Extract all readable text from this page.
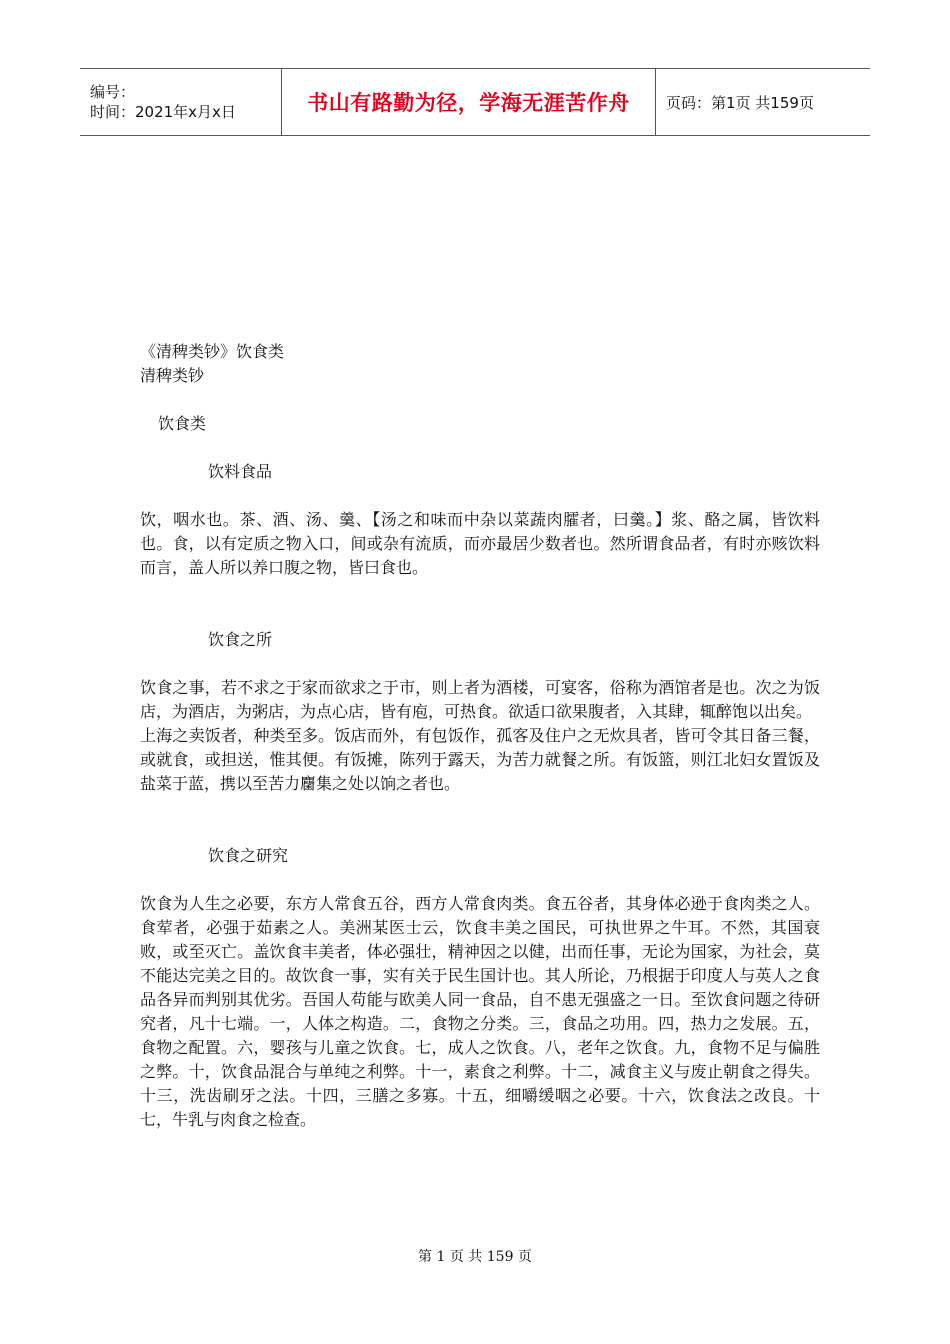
编号：
时间：2021年x月x日	书山有路勤为径，学海无涯苦作舟 页码：第1页 共159页
《清稗类钞》饮食类
清稗类钞
饮食类
饮料食品

饮，咽水也。茶、酒、汤、羹、【汤之和味而中杂以菜蔬肉臛者，曰羹。】浆、酪之属，皆饮料也。食，以有定质之物入口，间或杂有流质，而亦最居少数者也。然所谓食品者，有时亦赅饮料而言，盖人所以养口腹之物，皆曰食也。

饮食之所

饮食之事，若不求之于家而欲求之于市，则上者为酒楼，可宴客，俗称为酒馆者是也。次之为饭店，为酒店，为粥店，为点心店，皆有庖，可热食。欲适口欲果腹者，入其肆，辄醉饱以出矣。

上海之卖饭者，种类至多。饭店而外，有包饭作，孤客及住户之无炊具者，皆可令其日备三餐，或就食，或担送，惟其便。有饭摊，陈列于露天，为苦力就餐之所。有饭篮，则江北妇女置饭及盐菜于蓝，携以至苦力麕集之处以饷之者也。

饮食之研究

饮食为人生之必要，东方人常食五谷，西方人常食肉类。食五谷者，其身体必逊于食肉类之人。食荤者，必强于茹素之人。美洲某医士云，饮食丰美之国民，可执世界之牛耳。不然，其国衰败，或至灭亡。盖饮食丰美者，体必强壮，精神因之以健，出而任事，无论为国家，为社会，莫不能达完美之目的。故饮食一事，实有关于民生国计也。其人所论，乃根据于印度人与英人之食品各异而判别其优劣。吾国人苟能与欧美人同一食品，自不患无强盛之一日。至饮食问题之待研究者，凡十七端。一，人体之构造。二，食物之分类。三，食品之功用。四，热力之发展。五，食物之配置。六，婴孩与儿童之饮食。七，成人之饮食。八，老年之饮食。九，食物不足与偏胜之弊。十，饮食品混合与单纯之利弊。十一，素食之利弊。十二，减食主义与废止朝食之得失。十三，洗齿刷牙之法。十四，三膳之多寡。十五，细嚼缓咽之必要。十六，饮食法之改良。十七，牛乳与肉食之检查。

第 1 页 共 159 页
